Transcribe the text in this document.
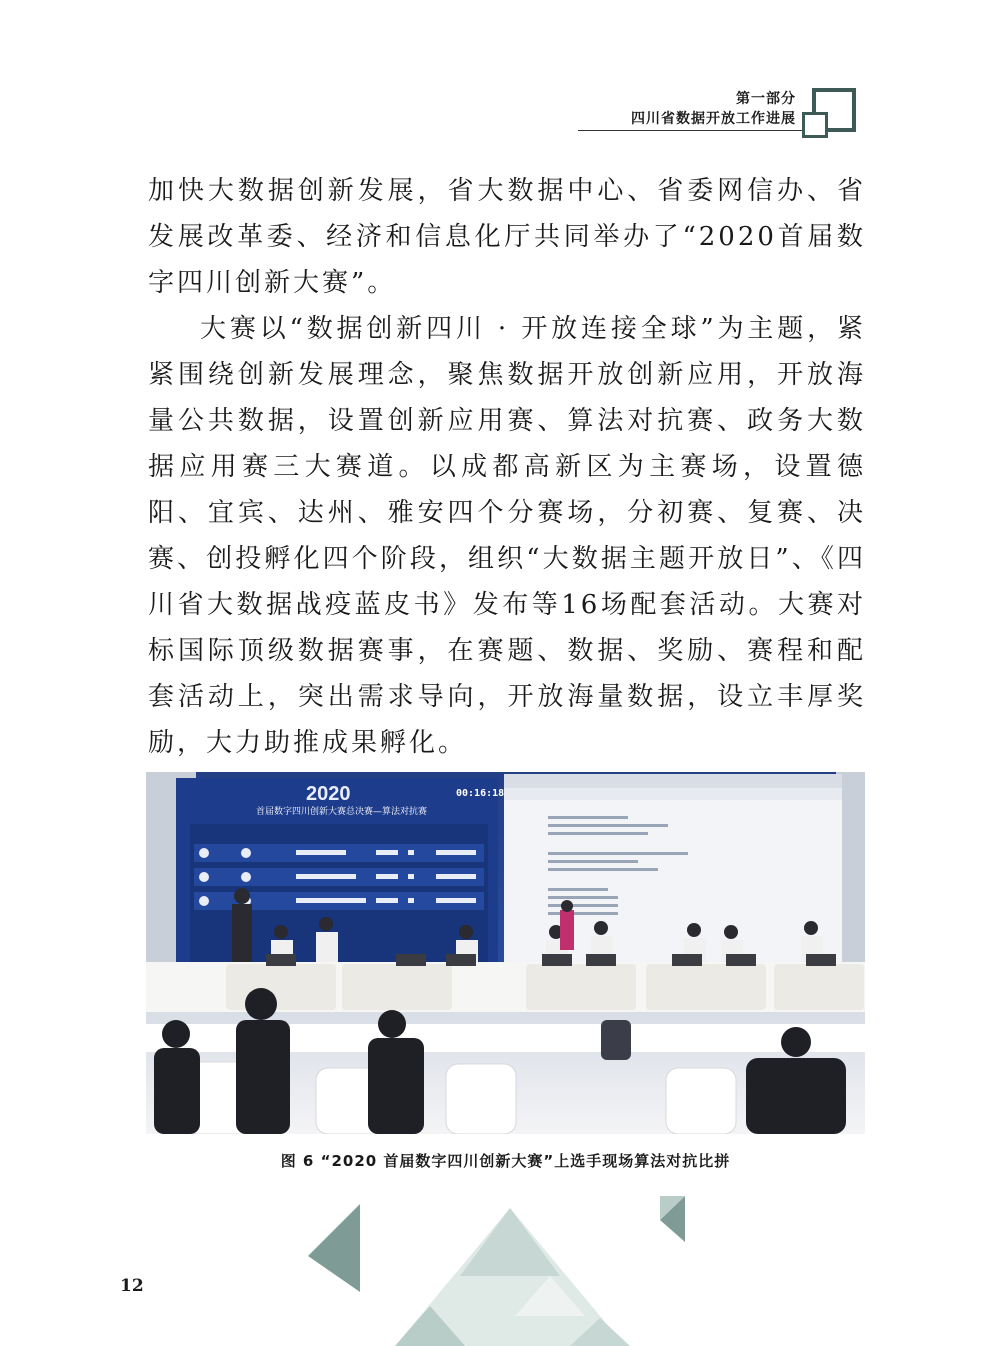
第一部分
四川省数据开放工作进展

加快大数据创新发展，省大数据中心、省委网信办、省发展改革委、经济和信息化厅共同举办了“2020首届数字四川创新大赛”。

大赛以“数据创新四川 · 开放连接全球”为主题，紧紧围绕创新发展理念，聚焦数据开放创新应用，开放海量公共数据，设置创新应用赛、算法对抗赛、政务大数据应用赛三大赛道。以成都高新区为主赛场，设置德阳、宜宾、达州、雅安四个分赛场，分初赛、复赛、决赛、创投孵化四个阶段，组织“大数据主题开放日”、《四川省大数据战疫蓝皮书》发布等16场配套活动。大赛对标国际顶级数据赛事，在赛题、数据、奖励、赛程和配套活动上，突出需求导向，开放海量数据，设立丰厚奖励，大力助推成果孵化。

2020	00:16:18
首届数字四川创新大赛总决赛—算法对抗赛
图 6 “2020 首届数字四川创新大赛”上选手现场算法对抗比拼
12
